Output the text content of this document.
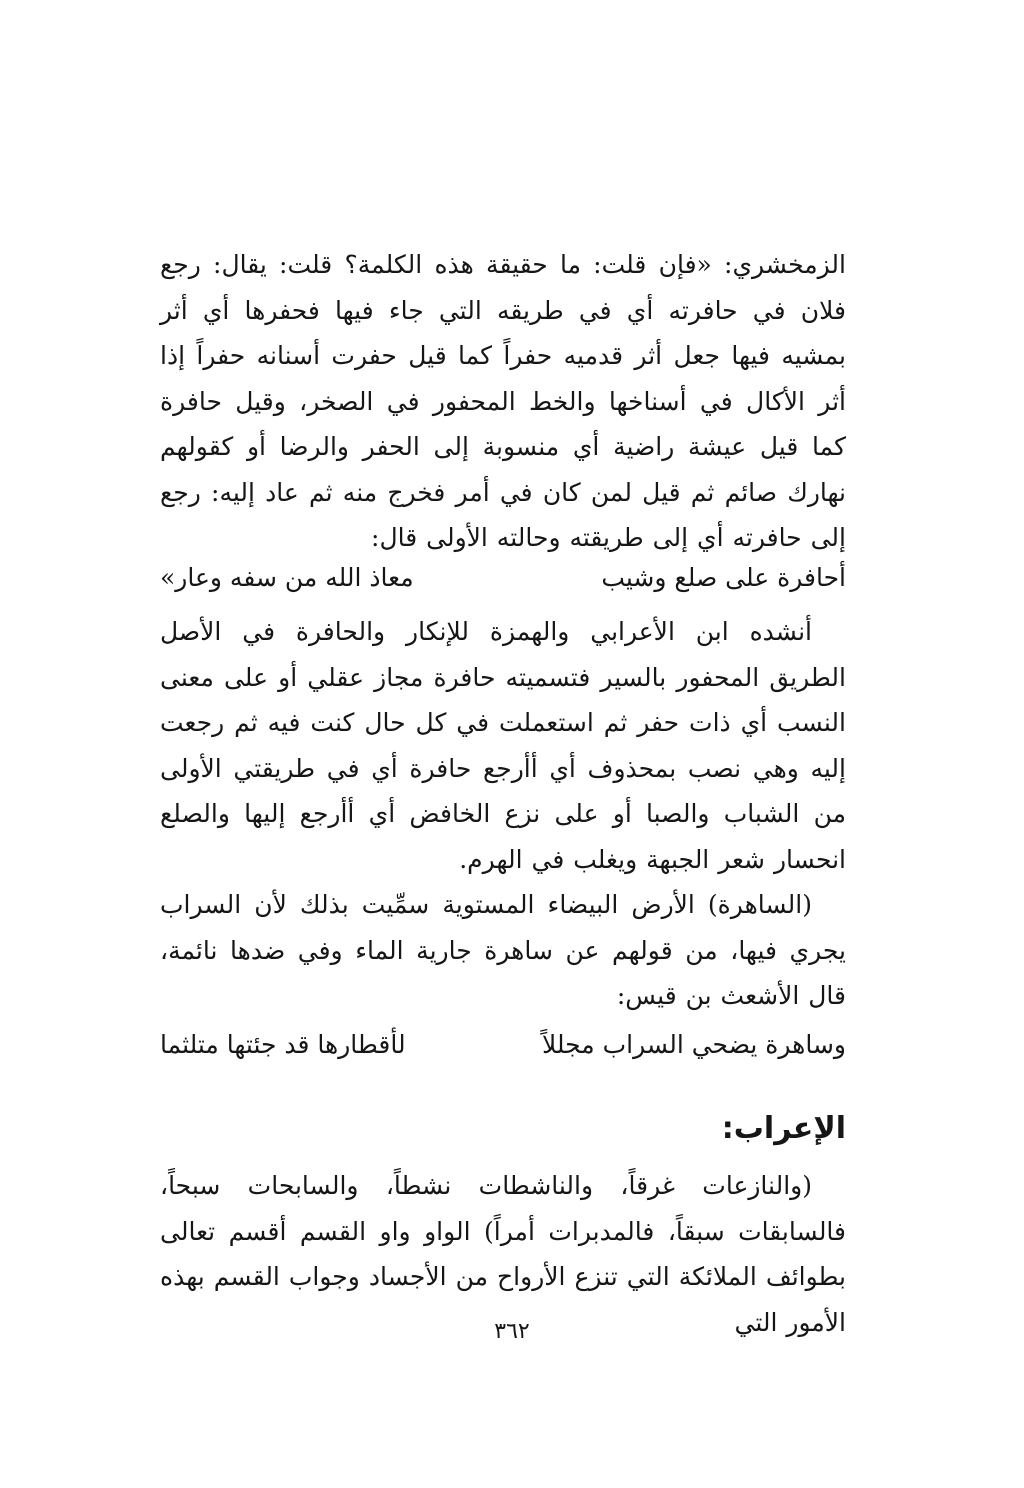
الزمخشري: «فإن قلت: ما حقيقة هذه الكلمة؟ قلت: يقال: رجع فلان في حافرته أي في طريقه التي جاء فيها فحفرها أي أثر بمشيه فيها جعل أثر قدميه حفراً كما قيل حفرت أسنانه حفراً إذا أثر الأكال في أسناخها والخط المحفور في الصخر، وقيل حافرة كما قيل عيشة راضية أي منسوبة إلى الحفر والرضا أو كقولهم نهارك صائم ثم قيل لمن كان في أمر فخرج منه ثم عاد إليه: رجع إلى حافرته أي إلى طريقته وحالته الأولى قال:

أحافرة على صلع وشيب
معاذ الله من سفه وعار»

أنشده ابن الأعرابي والهمزة للإنكار والحافرة في الأصل الطريق المحفور بالسير فتسميته حافرة مجاز عقلي أو على معنى النسب أي ذات حفر ثم استعملت في كل حال كنت فيه ثم رجعت إليه وهي نصب بمحذوف أي أأرجع حافرة أي في طريقتي الأولى من الشباب والصبا أو على نزع الخافض أي أأرجع إليها والصلع انحسار شعر الجبهة ويغلب في الهرم.

(الساهرة) الأرض البيضاء المستوية سمِّيت بذلك لأن السراب يجري فيها، من قولهم عن ساهرة جارية الماء وفي ضدها نائمة، قال الأشعث بن قيس:

وساهرة يضحي السراب مجللاً
لأقطارها قد جئتها متلثما
الإعراب:

(والنازعات غرقاً، والناشطات نشطاً، والسابحات سبحاً، فالسابقات سبقاً، فالمدبرات أمراً) الواو واو القسم أقسم تعالى بطوائف الملائكة التي تنزع الأرواح من الأجساد وجواب القسم بهذه الأمور التي

٣٦٢
